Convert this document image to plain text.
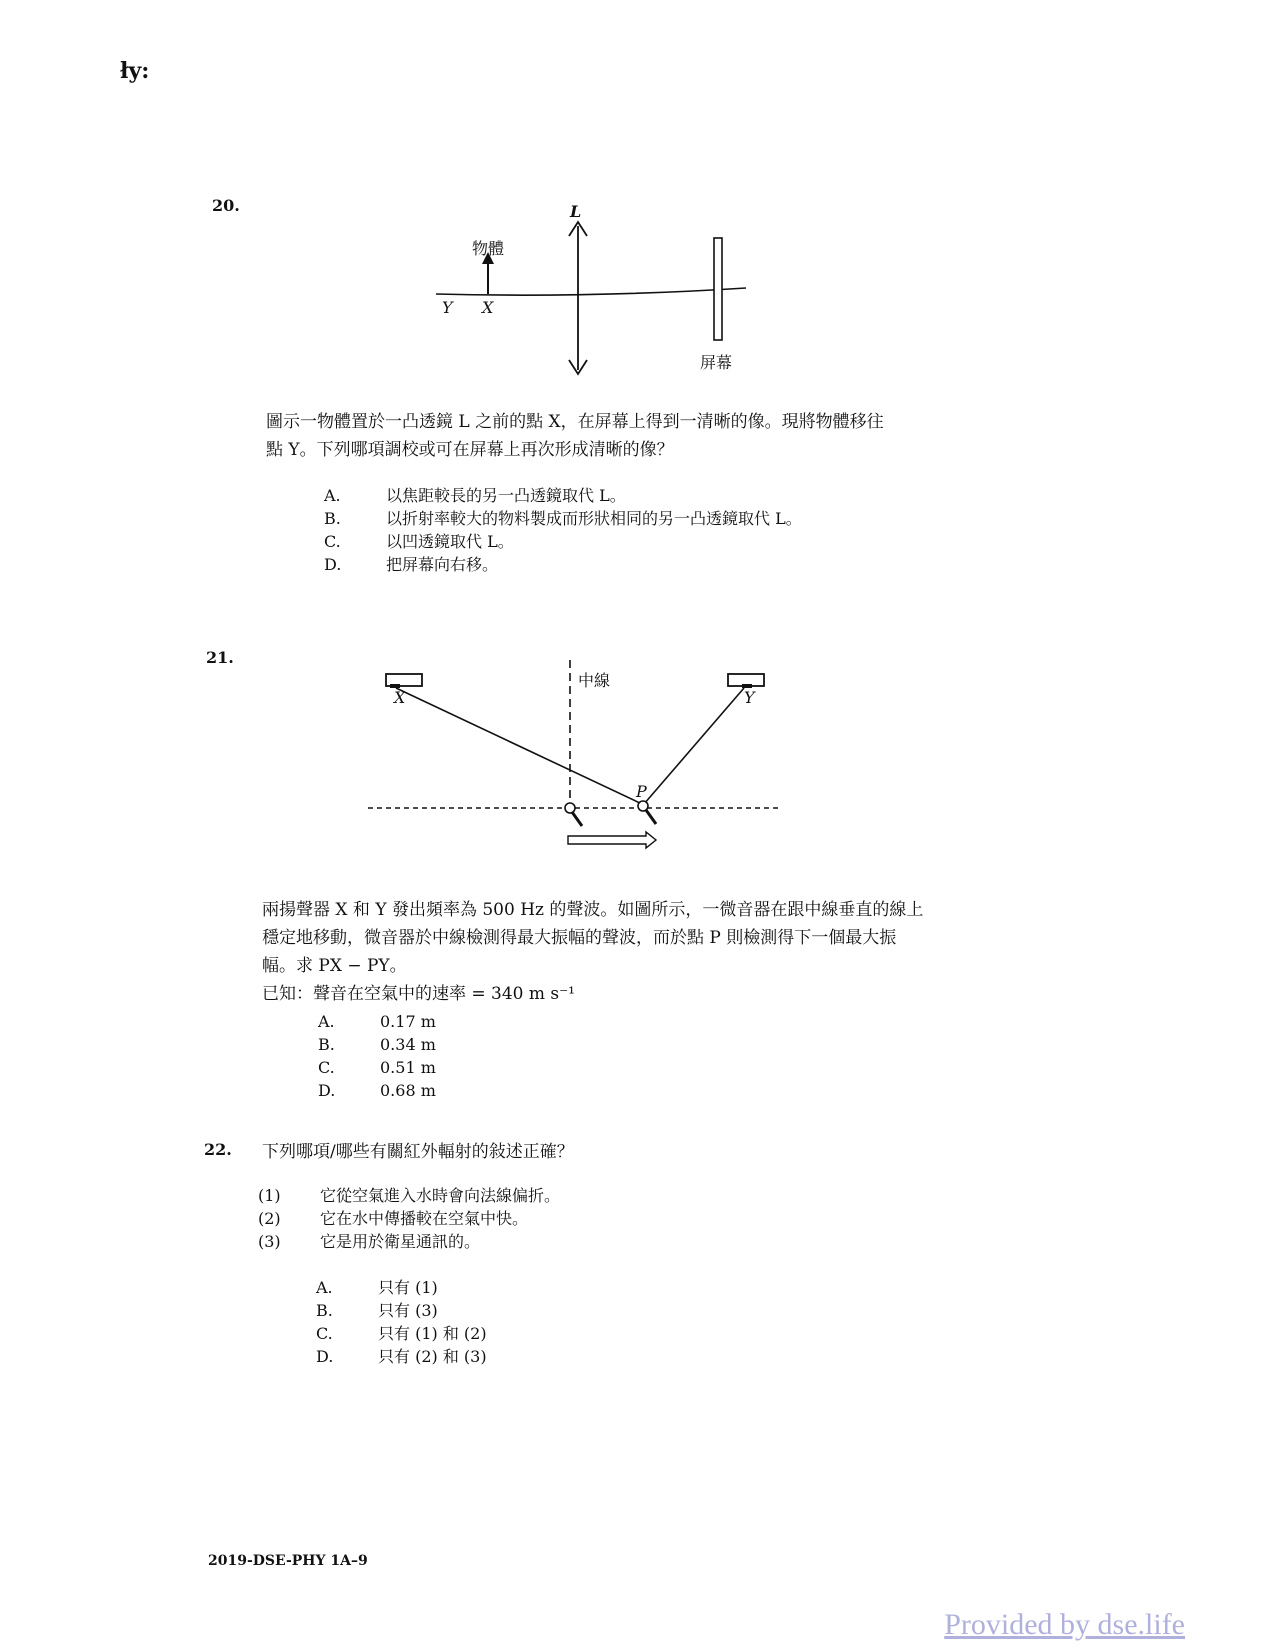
ły:
20.
物體
L
Y X
屏幕
圖示一物體置於一凸透鏡 L 之前的點 X，在屏幕上得到一清晰的像。現將物體移往
點 Y。下列哪項調校或可在屏幕上再次形成清晰的像？
A.	以焦距較長的另一凸透鏡取代 L。
B.	以折射率較大的物料製成而形狀相同的另一凸透鏡取代 L。
C.	以凹透鏡取代 L。
D.	把屏幕向右移。
21.
中線
X	Y
P
兩揚聲器 X 和 Y 發出頻率為 500 Hz 的聲波。如圖所示，一微音器在跟中線垂直的線上
穩定地移動，微音器於中線檢測得最大振幅的聲波，而於點 P 則檢測得下一個最大振
幅。求 PX − PY。
已知：聲音在空氣中的速率 = 340 m s⁻¹
A.	0.17 m
B.	0.34 m
C.	0.51 m
D.	0.68 m
22. 下列哪項/哪些有關紅外輻射的敍述正確？
(1) 它從空氣進入水時會向法線偏折。
(2) 它在水中傳播較在空氣中快。
(3) 它是用於衛星通訊的。
A.	只有 (1)
B.	只有 (3)
C.	只有 (1) 和 (2)
D.	只有 (2) 和 (3)
2019-DSE-PHY 1A–9
Provided by dse.life
